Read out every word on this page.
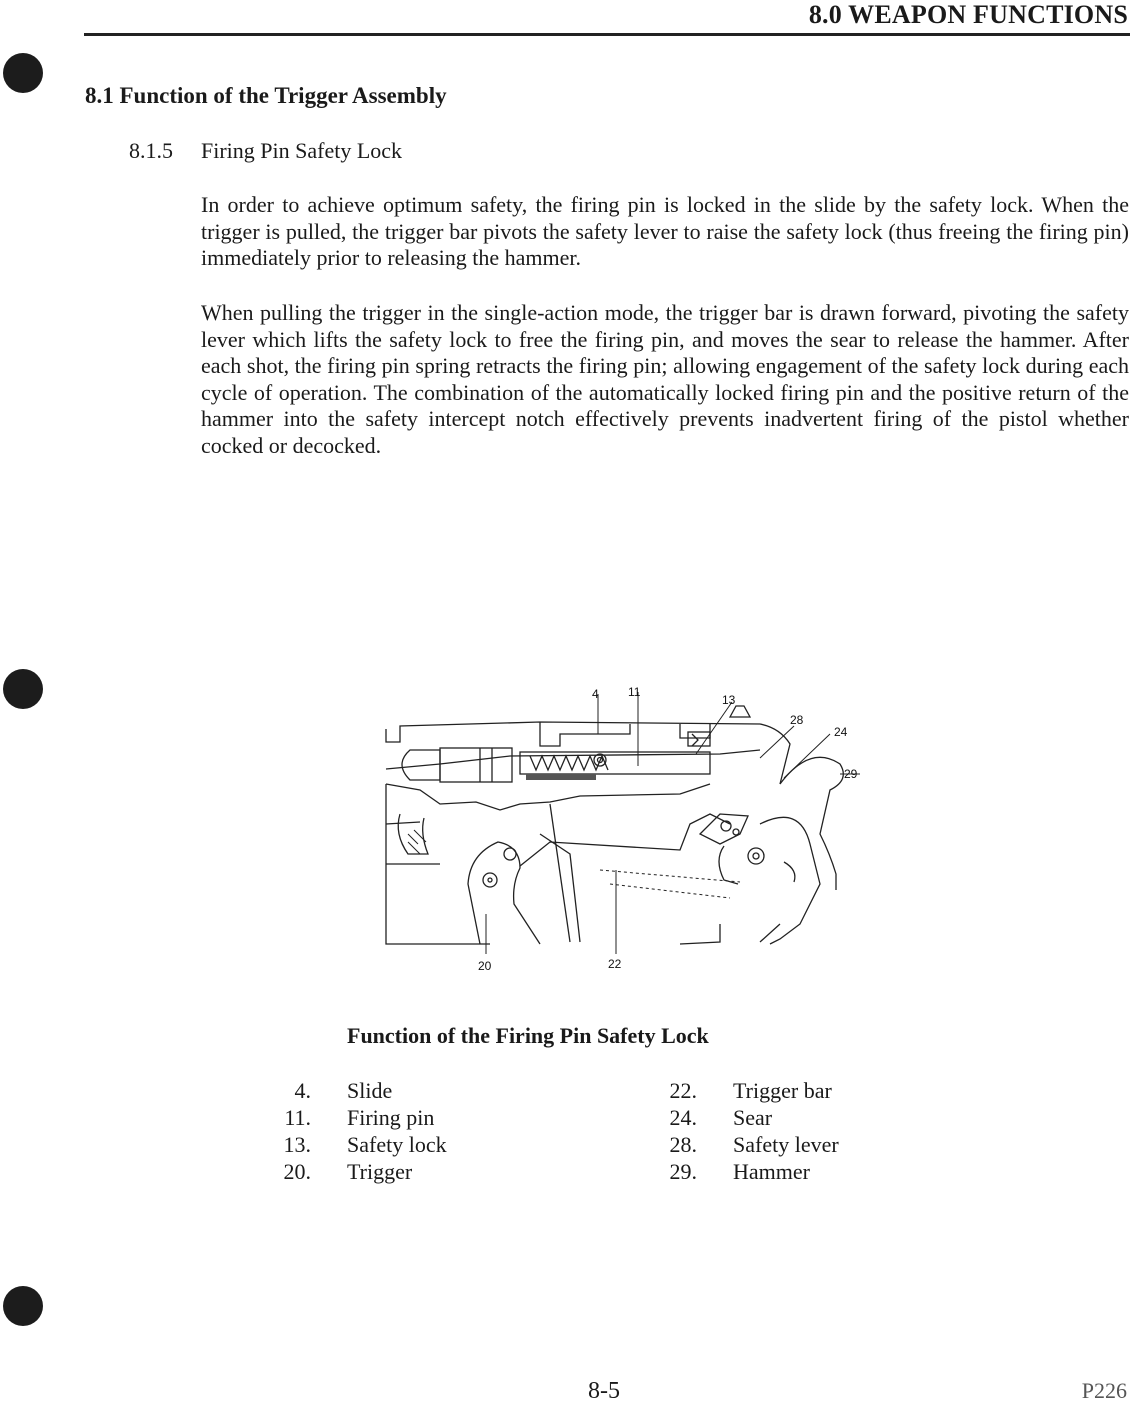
8.0 WEAPON FUNCTIONS
8.1 Function of the Trigger Assembly
8.1.5 Firing Pin Safety Lock

In order to achieve optimum safety, the firing pin is locked in the slide by the safety lock. When the trigger is pulled, the trigger bar pivots the safety lever to raise the safety lock (thus freeing the firing pin) immediately prior to releasing the hammer.

When pulling the trigger in the single-action mode, the trigger bar is drawn forward, pivoting the safety lever which lifts the safety lock to free the firing pin, and moves the sear to release the hammer. After each shot, the firing pin spring retracts the firing pin; allowing engagement of the safety lock during each cycle of operation. The combination of the automatically locked firing pin and the positive return of the hammer into the safety intercept notch effectively prevents inadvertent firing of the pistol whether cocked or decocked.

4 11
13
28
24
29
20	22
Function of the Firing Pin Safety Lock
4. Slide
11. Firing pin
13. Safety lock
20. Trigger
22. Trigger bar
24. Sear
28. Safety lever
29. Hammer
8-5	P226
